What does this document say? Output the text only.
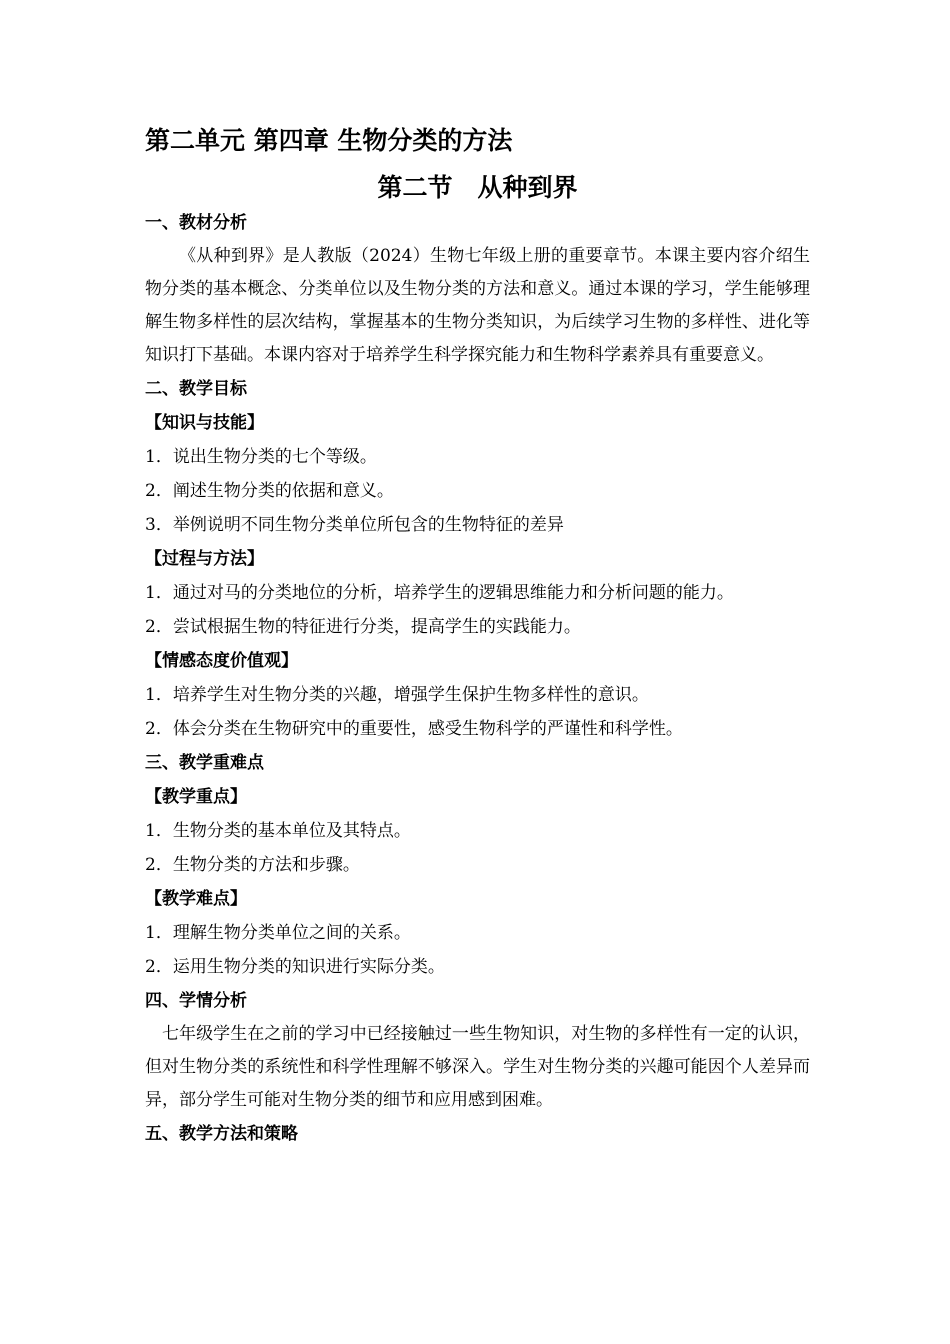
第二单元 第四章 生物分类的方法
第二节　从种到界
一、教材分析
《从种到界》是人教版（2024）生物七年级上册的重要章节。本课主要内容介绍生物分类的基本概念、分类单位以及生物分类的方法和意义。通过本课的学习，学生能够理解生物多样性的层次结构，掌握基本的生物分类知识，为后续学习生物的多样性、进化等知识打下基础。本课内容对于培养学生科学探究能力和生物科学素养具有重要意义。
二、教学目标
【知识与技能】
1．说出生物分类的七个等级。
2．阐述生物分类的依据和意义。
3．举例说明不同生物分类单位所包含的生物特征的差异
【过程与方法】
1．通过对马的分类地位的分析，培养学生的逻辑思维能力和分析问题的能力。
2．尝试根据生物的特征进行分类，提高学生的实践能力。
【情感态度价值观】
1．培养学生对生物分类的兴趣，增强学生保护生物多样性的意识。
2．体会分类在生物研究中的重要性，感受生物科学的严谨性和科学性。
三、教学重难点
【教学重点】
1．生物分类的基本单位及其特点。
2．生物分类的方法和步骤。
【教学难点】
1．理解生物分类单位之间的关系。
2．运用生物分类的知识进行实际分类。
四、学情分析
七年级学生在之前的学习中已经接触过一些生物知识，对生物的多样性有一定的认识，但对生物分类的系统性和科学性理解不够深入。学生对生物分类的兴趣可能因个人差异而异，部分学生可能对生物分类的细节和应用感到困难。
五、教学方法和策略
